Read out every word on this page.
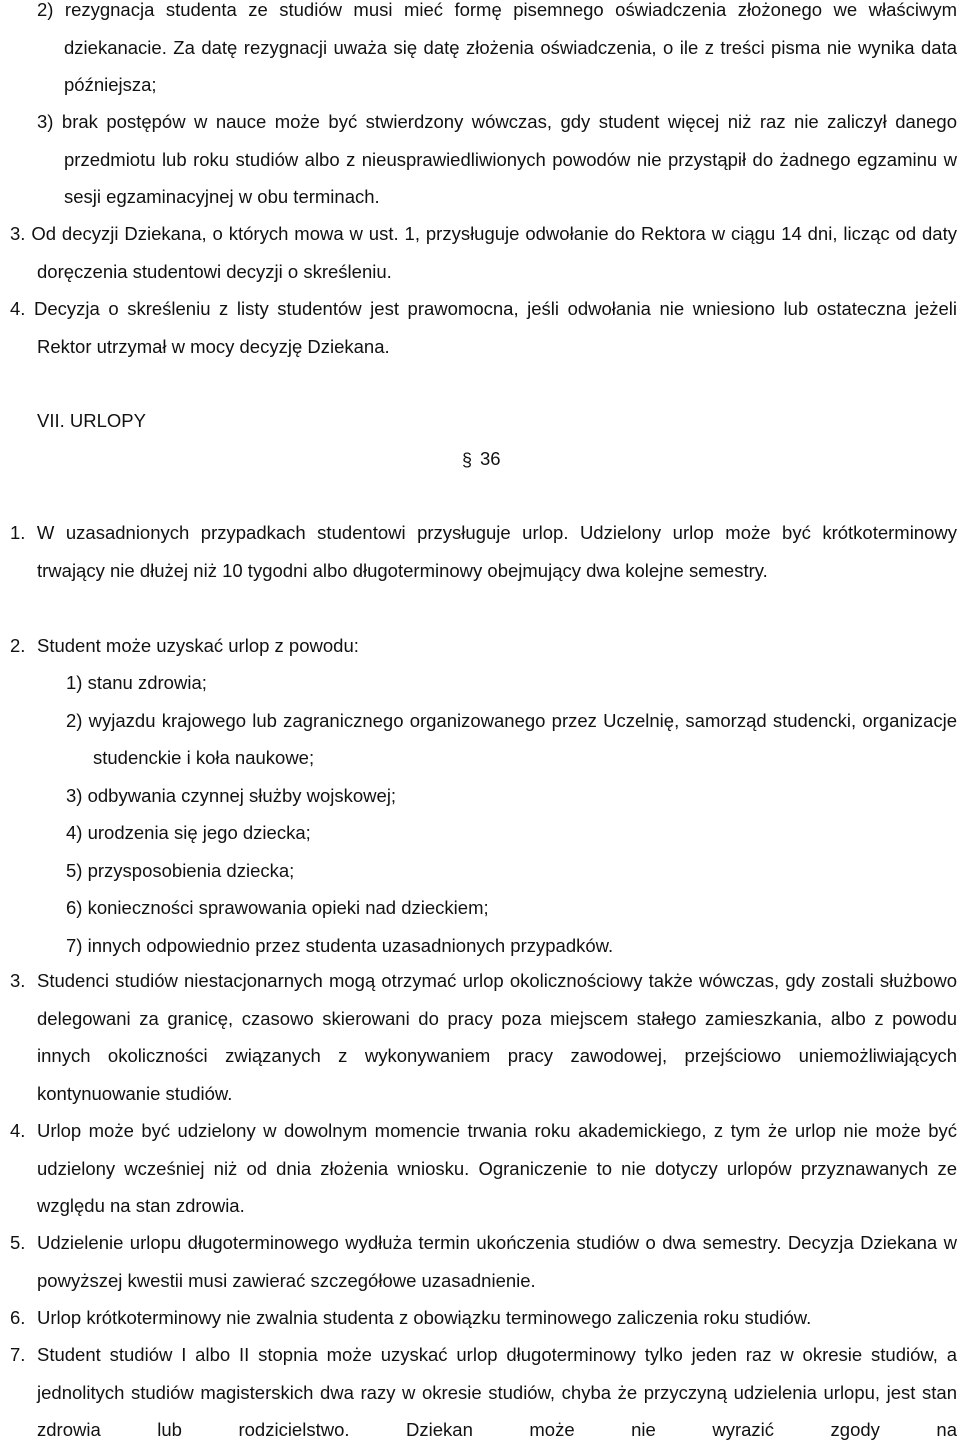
2) rezygnacja studenta ze studiów musi mieć formę pisemnego oświadczenia złożonego we właściwym dziekanacie. Za datę rezygnacji uważa się datę złożenia oświadczenia, o ile z treści pisma nie wynika data późniejsza;

3) brak postępów w nauce może być stwierdzony wówczas, gdy student więcej niż raz nie zaliczył danego przedmiotu lub roku studiów albo z nieusprawiedliwionych powodów nie przystąpił do żadnego egzaminu w sesji egzaminacyjnej w obu terminach.

3. Od decyzji Dziekana, o których mowa w ust. 1, przysługuje odwołanie do Rektora w ciągu 14 dni, licząc od daty doręczenia studentowi decyzji o skreśleniu.

4. Decyzja o skreśleniu z listy studentów jest prawomocna, jeśli odwołania nie wniesiono lub ostateczna jeżeli Rektor utrzymał w mocy decyzję Dziekana.

VII. URLOPY
§ 36

1. W uzasadnionych przypadkach studentowi przysługuje urlop. Udzielony urlop może być krótkoterminowy trwający nie dłużej niż 10 tygodni albo długoterminowy obejmujący dwa kolejne semestry.

2. Student może uzyskać urlop z powodu:

1) stanu zdrowia;

2) wyjazdu krajowego lub zagranicznego organizowanego przez Uczelnię, samorząd studencki, organizacje studenckie i koła naukowe;

3) odbywania czynnej służby wojskowej;

4) urodzenia się jego dziecka;

5) przysposobienia dziecka;

6) konieczności sprawowania opieki nad dzieckiem;

7) innych odpowiednio przez studenta uzasadnionych przypadków.

3. Studenci studiów niestacjonarnych mogą otrzymać urlop okolicznościowy także wówczas, gdy zostali służbowo delegowani za granicę, czasowo skierowani do pracy poza miejscem stałego zamieszkania, albo z powodu innych okoliczności związanych z wykonywaniem pracy zawodowej, przejściowo uniemożliwiających kontynuowanie studiów.

4. Urlop może być udzielony w dowolnym momencie trwania roku akademickiego, z tym że urlop nie może być udzielony wcześniej niż od dnia złożenia wniosku. Ograniczenie to nie dotyczy urlopów przyznawanych ze względu na stan zdrowia.

5. Udzielenie urlopu długoterminowego wydłuża termin ukończenia studiów o dwa semestry. Decyzja Dziekana w powyższej kwestii musi zawierać szczegółowe uzasadnienie.

6. Urlop krótkoterminowy nie zwalnia studenta z obowiązku terminowego zaliczenia roku studiów.

7. Student studiów I albo II stopnia może uzyskać urlop długoterminowy tylko jeden raz w okresie studiów, a jednolitych studiów magisterskich dwa razy w okresie studiów, chyba że przyczyną udzielenia urlopu, jest stan zdrowia lub rodzicielstwo. Dziekan może nie wyrazić zgody na
